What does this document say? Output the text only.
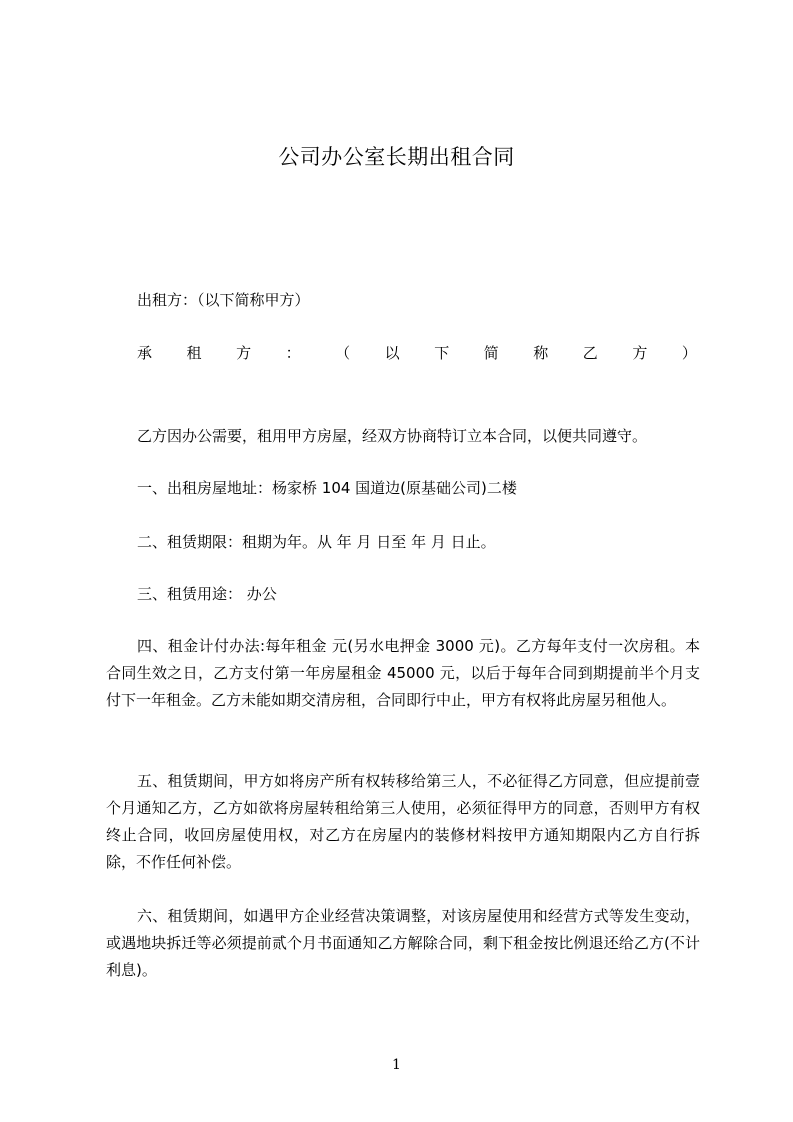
公司办公室长期出租合同
出租方：（以下简称甲方）
承 租 方 ： （ 以 下 简 称 乙 方 ）
乙方因办公需要，租用甲方房屋，经双方协商特订立本合同，以便共同遵守。
一、出租房屋地址：杨家桥 104 国道边(原基础公司)二楼
二、租赁期限：租期为年。从 年 月 日至 年 月 日止。
三、租赁用途： 办公
四、租金计付办法:每年租金 元(另水电押金 3000 元)。乙方每年支付一次房租。本合同生效之日，乙方支付第一年房屋租金 45000 元，以后于每年合同到期提前半个月支付下一年租金。乙方未能如期交清房租，合同即行中止，甲方有权将此房屋另租他人。
五、租赁期间，甲方如将房产所有权转移给第三人，不必征得乙方同意，但应提前壹个月通知乙方，乙方如欲将房屋转租给第三人使用，必须征得甲方的同意，否则甲方有权终止合同，收回房屋使用权，对乙方在房屋内的装修材料按甲方通知期限内乙方自行拆除，不作任何补偿。
六、租赁期间，如遇甲方企业经营决策调整，对该房屋使用和经营方式等发生变动，或遇地块拆迁等必须提前贰个月书面通知乙方解除合同，剩下租金按比例退还给乙方(不计利息)。
1
